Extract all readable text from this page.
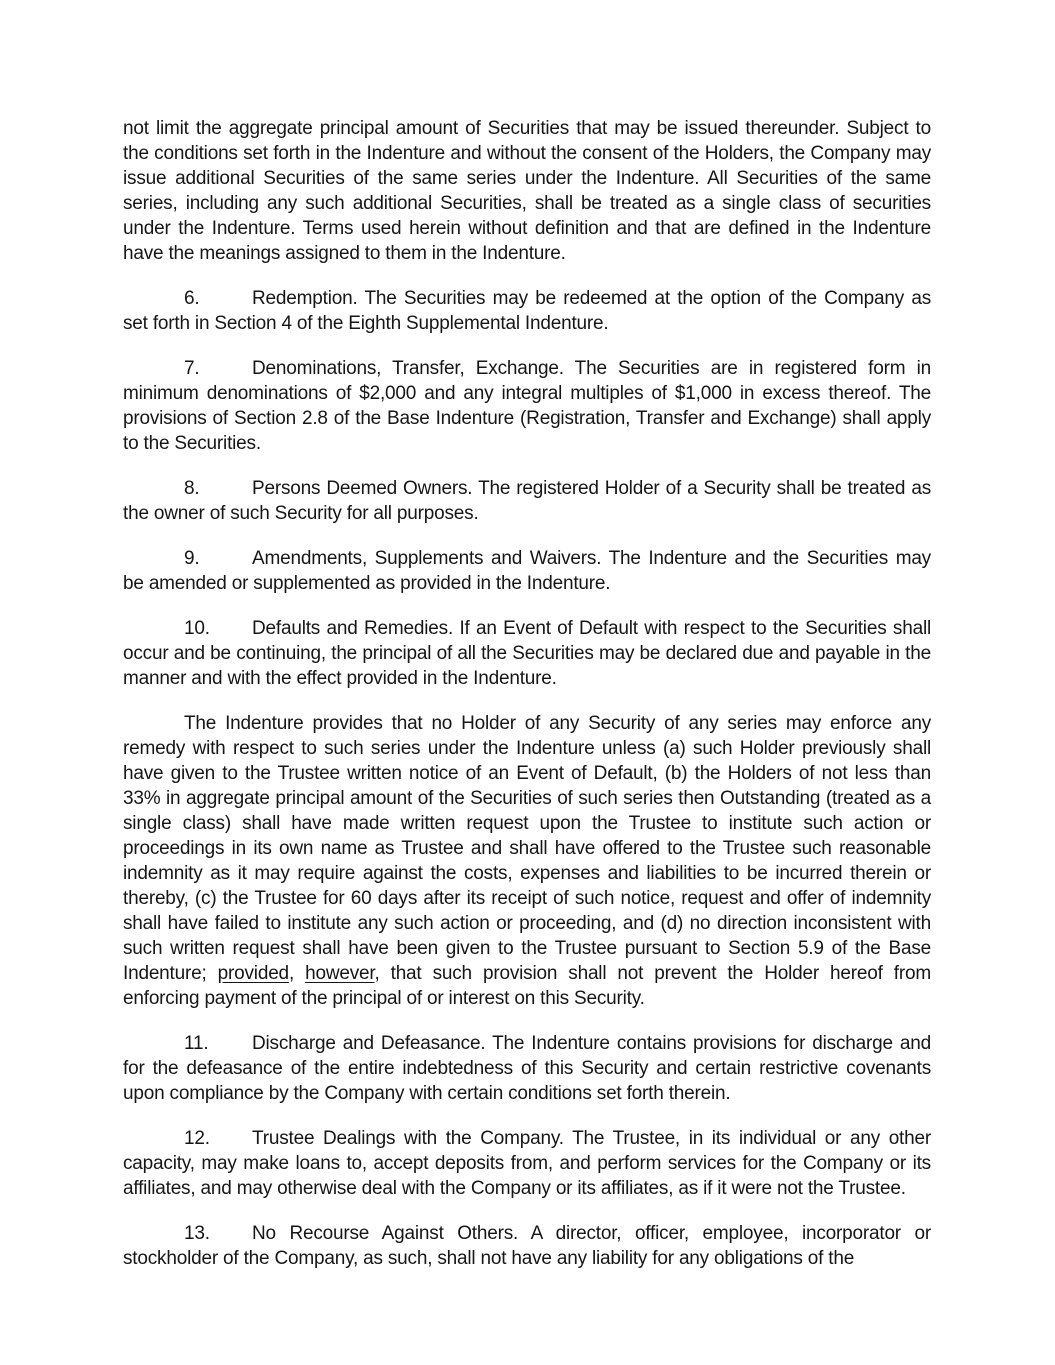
not limit the aggregate principal amount of Securities that may be issued thereunder. Subject to the conditions set forth in the Indenture and without the consent of the Holders, the Company may issue additional Securities of the same series under the Indenture. All Securities of the same series, including any such additional Securities, shall be treated as a single class of securities under the Indenture. Terms used herein without definition and that are defined in the Indenture have the meanings assigned to them in the Indenture.

6.	Redemption. The Securities may be redeemed at the option of the Company as set forth in Section 4 of the Eighth Supplemental Indenture.

7.	Denominations, Transfer, Exchange. The Securities are in registered form in minimum denominations of $2,000 and any integral multiples of $1,000 in excess thereof. The provisions of Section 2.8 of the Base Indenture (Registration, Transfer and Exchange) shall apply to the Securities.

8.	Persons Deemed Owners. The registered Holder of a Security shall be treated as the owner of such Security for all purposes.

9.	Amendments, Supplements and Waivers. The Indenture and the Securities may be amended or supplemented as provided in the Indenture.

10. Defaults and Remedies. If an Event of Default with respect to the Securities shall occur and be continuing, the principal of all the Securities may be declared due and payable in the manner and with the effect provided in the Indenture.

The Indenture provides that no Holder of any Security of any series may enforce any remedy with respect to such series under the Indenture unless (a) such Holder previously shall have given to the Trustee written notice of an Event of Default, (b) the Holders of not less than 33% in aggregate principal amount of the Securities of such series then Outstanding (treated as a single class) shall have made written request upon the Trustee to institute such action or proceedings in its own name as Trustee and shall have offered to the Trustee such reasonable indemnity as it may require against the costs, expenses and liabilities to be incurred therein or thereby, (c) the Trustee for 60 days after its receipt of such notice, request and offer of indemnity shall have failed to institute any such action or proceeding, and (d) no direction inconsistent with such written request shall have been given to the Trustee pursuant to Section 5.9 of the Base Indenture; provided, however, that such provision shall not prevent the Holder hereof from enforcing payment of the principal of or interest on this Security.

11. Discharge and Defeasance. The Indenture contains provisions for discharge and for the defeasance of the entire indebtedness of this Security and certain restrictive covenants upon compliance by the Company with certain conditions set forth therein.

12. Trustee Dealings with the Company. The Trustee, in its individual or any other capacity, may make loans to, accept deposits from, and perform services for the Company or its affiliates, and may otherwise deal with the Company or its affiliates, as if it were not the Trustee.

13. No Recourse Against Others. A director, officer, employee, incorporator or stockholder of the Company, as such, shall not have any liability for any obligations of the
